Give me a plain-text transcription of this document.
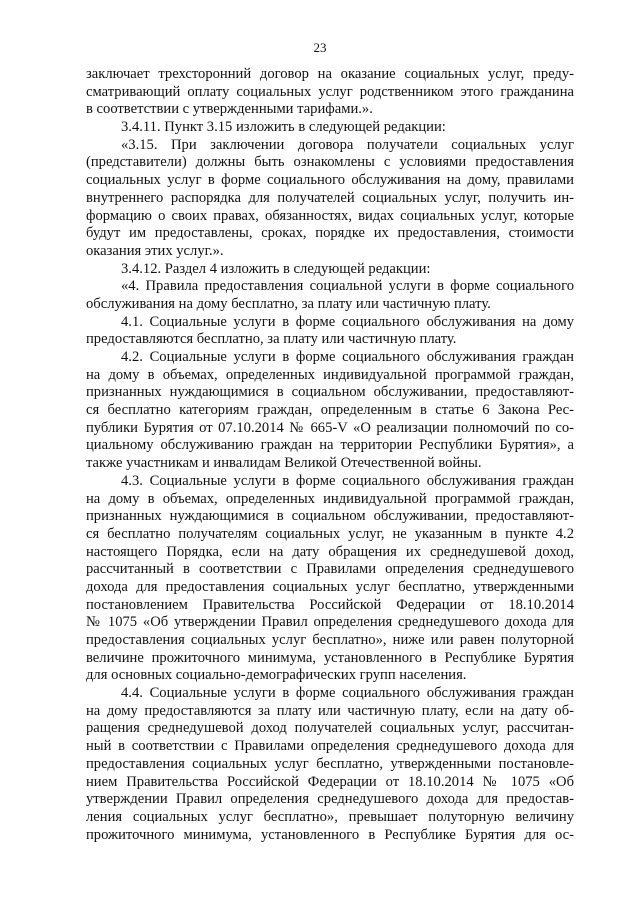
23
заключает трехсторонний договор на оказание социальных услуг, преду-
сматривающий оплату социальных услуг родственником этого гражданина
в соответствии с утвержденными тарифами.».
3.4.11. Пункт 3.15 изложить в следующей редакции:
«3.15. При заключении договора получатели социальных услуг
(представители) должны быть ознакомлены с условиями предоставления
социальных услуг в форме социального обслуживания на дому, правилами
внутреннего распорядка для получателей социальных услуг, получить ин-
формацию о своих правах, обязанностях, видах социальных услуг, которые
будут им предоставлены, сроках, порядке их предоставления, стоимости
оказания этих услуг.».
3.4.12. Раздел 4 изложить в следующей редакции:
«4. Правила предоставления социальной услуги в форме социального
обслуживания на дому бесплатно, за плату или частичную плату.
4.1. Социальные услуги в форме социального обслуживания на дому
предоставляются бесплатно, за плату или частичную плату.
4.2. Социальные услуги в форме социального обслуживания граждан
на дому в объемах, определенных индивидуальной программой граждан,
признанных нуждающимися в социальном обслуживании, предоставляют-
ся бесплатно категориям граждан, определенным в статье 6 Закона Рес-
публики Бурятия от 07.10.2014 № 665-V «О реализации полномочий по со-
циальному обслуживанию граждан на территории Республики Бурятия», а
также участникам и инвалидам Великой Отечественной войны.
4.3. Социальные услуги в форме социального обслуживания граждан
на дому в объемах, определенных индивидуальной программой граждан,
признанных нуждающимися в социальном обслуживании, предоставляют-
ся бесплатно получателям социальных услуг, не указанным в пункте 4.2
настоящего Порядка, если на дату обращения их среднедушевой доход,
рассчитанный в соответствии с Правилами определения среднедушевого
дохода для предоставления социальных услуг бесплатно, утвержденными
постановлением Правительства Российской Федерации от 18.10.2014
№ 1075 «Об утверждении Правил определения среднедушевого дохода для
предоставления социальных услуг бесплатно», ниже или равен полуторной
величине прожиточного минимума, установленного в Республике Бурятия
для основных социально-демографических групп населения.
4.4. Социальные услуги в форме социального обслуживания граждан
на дому предоставляются за плату или частичную плату, если на дату об-
ращения среднедушевой доход получателей социальных услуг, рассчитан-
ный в соответствии с Правилами определения среднедушевого дохода для
предоставления социальных услуг бесплатно, утвержденными постановле-
нием Правительства Российской Федерации от 18.10.2014 № 1075 «Об
утверждении Правил определения среднедушевого дохода для предостав-
ления социальных услуг бесплатно», превышает полуторную величину
прожиточного минимума, установленного в Республике Бурятия для ос-
